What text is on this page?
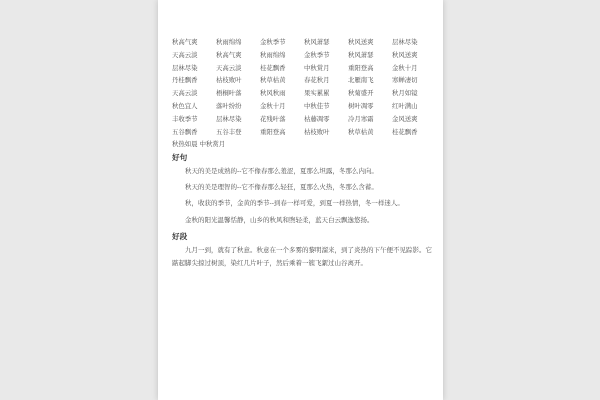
秋高气爽	秋雨绵绵	金秋季节	秋风萧瑟	秋风送爽	层林尽染
天高云淡	秋高气爽	秋雨绵绵	金秋季节	秋风萧瑟	秋风送爽
层林尽染	天高云淡	桂花飘香	中秋赏月	重阳登高	金秋十月
丹桂飘香	枯枝败叶	秋草枯黄	春花秋月	北雁南飞	寒蝉凄切
天高云淡	梧桐叶落	秋风秋雨	果实累累	秋菊盛开	秋月如镜
秋色宜人	落叶纷纷	金秋十月	中秋佳节	树叶凋零	红叶满山
丰收季节	层林尽染	花残叶落	枯藤凋零	冷月寒霜	金风送爽
五谷飘香	五谷丰登	重阳登高	枯枝败叶	秋草枯黄	桂花飘香
秋热如晨 中秋赏月
好句

秋天的美是成熟的--它不像春那么羞涩，夏那么坦露，冬那么内向。

秋天的美是理智的--它不像春那么轻狂，夏那么火热，冬那么含蓄。

秋，收获的季节，金黄的季节--到春一样可爱，到夏一样热情，冬一样迷人。

金秋的阳光温馨恬静，山乡的秋风和煦轻柔，蓝天白云飘逸悠扬。

好段

九月一到，就有了秋意。秋意在一个多雾的黎明溜来，到了炎热的下午便不见踪影。它踮起脚尖掠过树顶，染红几片叶子，然后乘着一簇飞絮过山谷离开。
